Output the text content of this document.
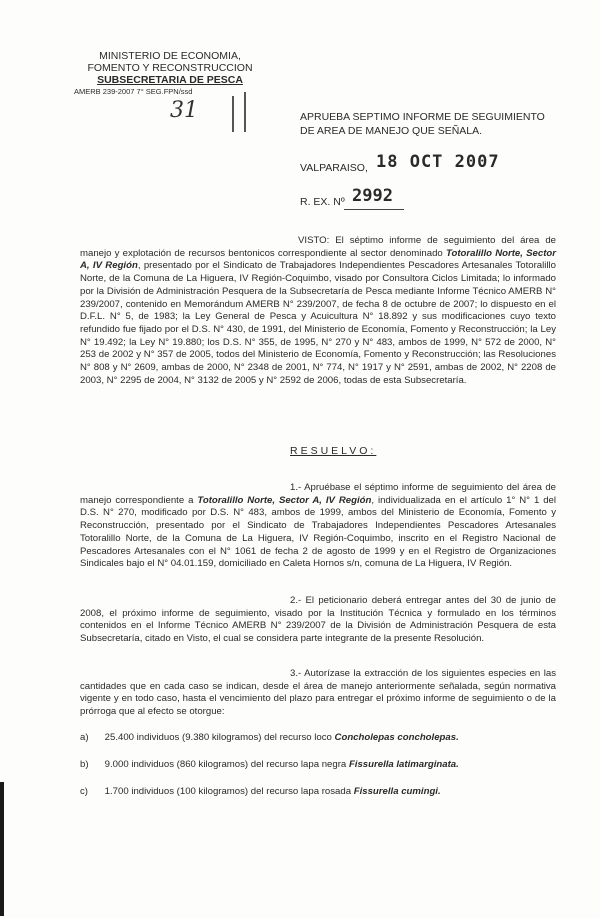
MINISTERIO DE ECONOMIA,
FOMENTO Y RECONSTRUCCION
SUBSECRETARIA DE PESCA
AMERB 239-2007 7° SEG.FPN/ssd
31	APRUEBA SEPTIMO INFORME DE SEGUIMIENTO
DE AREA DE MANEJO QUE SEÑALA.
VALPARAISO, 18 OCT 2007
R. EX. Nº 2992
VISTO: El séptimo informe de seguimiento del área de manejo y explotación de recursos bentonicos correspondiente al sector denominado Totoralillo Norte, Sector A, IV Región, presentado por el Sindicato de Trabajadores Independientes Pescadores Artesanales Totoralillo Norte, de la Comuna de La Higuera, IV Región-Coquimbo, visado por Consultora Ciclos Limitada; lo informado por la División de Administración Pesquera de la Subsecretaría de Pesca mediante Informe Técnico AMERB N° 239/2007, contenido en Memorándum AMERB N° 239/2007, de fecha 8 de octubre de 2007; lo dispuesto en el D.F.L. N° 5, de 1983; la Ley General de Pesca y Acuicultura N° 18.892 y sus modificaciones cuyo texto refundido fue fijado por el D.S. N° 430, de 1991, del Ministerio de Economía, Fomento y Reconstrucción; la Ley N° 19.492; la Ley N° 19.880; los D.S. N° 355, de 1995, N° 270 y N° 483, ambos de 1999, N° 572 de 2000, N° 253 de 2002 y N° 357 de 2005, todos del Ministerio de Economía, Fomento y Reconstrucción; las Resoluciones N° 808 y N° 2609, ambas de 2000, N° 2348 de 2001, N° 774, N° 1917 y N° 2591, ambas de 2002, N° 2208 de 2003, N° 2295 de 2004, N° 3132 de 2005 y N° 2592 de 2006, todas de esta Subsecretaría.
RESUELVO:
1.- Apruébase el séptimo informe de seguimiento del área de manejo correspondiente a Totoralillo Norte, Sector A, IV Región, individualizada en el artículo 1° N° 1 del D.S. N° 270, modificado por D.S. N° 483, ambos de 1999, ambos del Ministerio de Economía, Fomento y Reconstrucción, presentado por el Sindicato de Trabajadores Independientes Pescadores Artesanales Totoralillo Norte, de la Comuna de La Higuera, IV Región-Coquimbo, inscrito en el Registro Nacional de Pescadores Artesanales con el N° 1061 de fecha 2 de agosto de 1999 y en el Registro de Organizaciones Sindicales bajo el N° 04.01.159, domiciliado en Caleta Hornos s/n, comuna de La Higuera, IV Región.
2.- El peticionario deberá entregar antes del 30 de junio de 2008, el próximo informe de seguimiento, visado por la Institución Técnica y formulado en los términos contenidos en el Informe Técnico AMERB N° 239/2007 de la División de Administración Pesquera de esta Subsecretaría, citado en Visto, el cual se considera parte integrante de la presente Resolución.
3.- Autorízase la extracción de los siguientes especies en las cantidades que en cada caso se indican, desde el área de manejo anteriormente señalada, según normativa vigente y en todo caso, hasta el vencimiento del plazo para entregar el próximo informe de seguimiento o de la prórroga que al efecto se otorgue:
a) 25.400 individuos (9.380 kilogramos) del recurso loco Concholepas concholepas.
b) 9.000 individuos (860 kilogramos) del recurso lapa negra Fissurella latimarginata.
c) 1.700 individuos (100 kilogramos) del recurso lapa rosada Fissurella cumingi.
